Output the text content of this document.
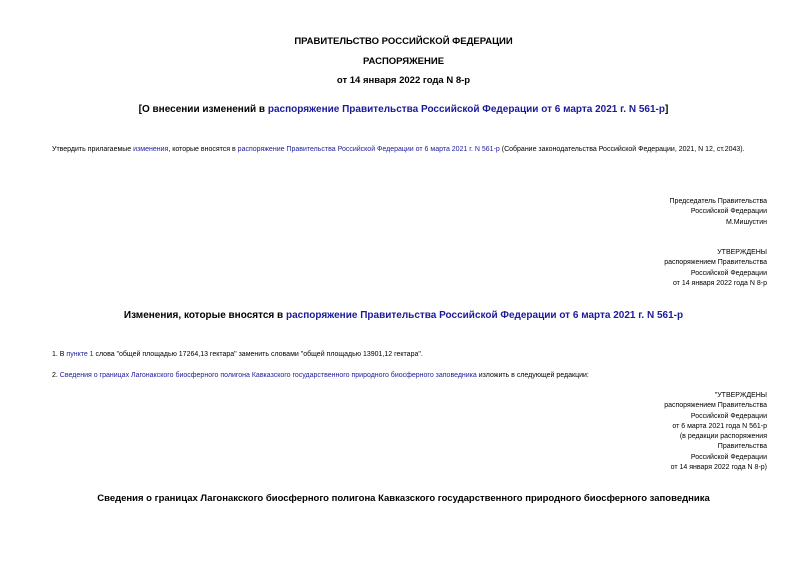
ПРАВИТЕЛЬСТВО РОССИЙСКОЙ ФЕДЕРАЦИИ
РАСПОРЯЖЕНИЕ
от 14 января 2022 года N 8-р
[О внесении изменений в распоряжение Правительства Российской Федерации от 6 марта 2021 г. N 561-р]
Утвердить прилагаемые изменения, которые вносятся в распоряжение Правительства Российской Федерации от 6 марта 2021 г. N 561-р (Собрание законодательства Российской Федерации, 2021, N 12, ст.2043).
Председатель Правительства
Российской Федерации
М.Мишустин
УТВЕРЖДЕНЫ
распоряжением Правительства
Российской Федерации
от 14 января 2022 года N 8-р
Изменения, которые вносятся в распоряжение Правительства Российской Федерации от 6 марта 2021 г. N 561-р
1. В пункте 1 слова "общей площадью 17264,13 гектара" заменить словами "общей площадью 13901,12 гектара".
2. Сведения о границах Лагонакского биосферного полигона Кавказского государственного природного биосферного заповедника изложить в следующей редакции:
"УТВЕРЖДЕНЫ
распоряжением Правительства
Российской Федерации
от 6 марта 2021 года N 561-р
(в редакции распоряжения
Правительства
Российской Федерации
от 14 января 2022 года N 8-р)
Сведения о границах Лагонакского биосферного полигона Кавказского государственного природного биосферного заповедника
